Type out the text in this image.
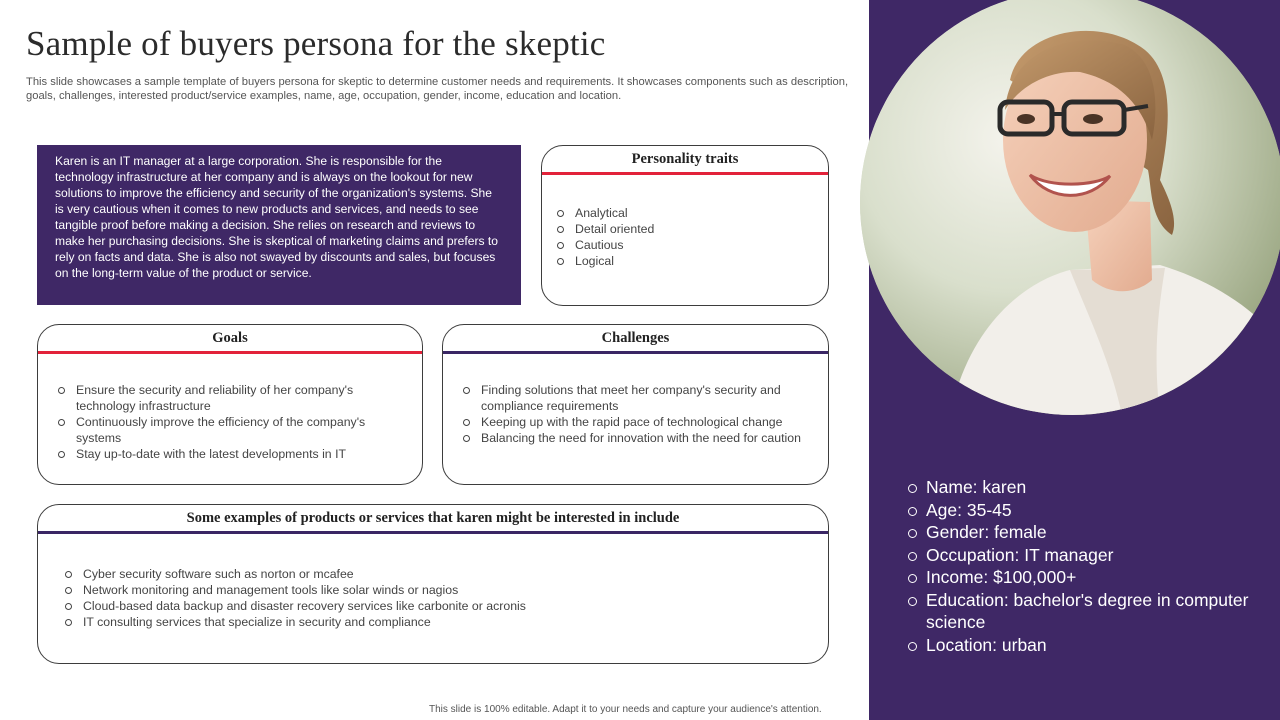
Sample of buyers persona for the skeptic

This slide showcases a sample template of buyers persona for skeptic to determine customer needs and requirements. It showcases components such as description, goals, challenges, interested product/service examples, name, age, occupation, gender, income, education and location.

Karen is an IT manager at a large corporation. She is responsible for the technology infrastructure at her company and is always on the lookout for new solutions to improve the efficiency and security of the organization's systems. She is very cautious when it comes to new products and services, and needs to see tangible proof before making a decision. She relies on research and reviews to make her purchasing decisions. She is skeptical of marketing claims and prefers to rely on facts and data. She is also not swayed by discounts and sales, but focuses on the long-term value of the product or service.
Personality traits
Analytical
Detail oriented
Cautious
Logical
Goals
Ensure the security and reliability of her company's technology infrastructure
Continuously improve the efficiency of the company's systems
Stay up-to-date with the latest developments in IT
Challenges
Finding solutions that meet her company's security and compliance requirements
Keeping up with the rapid pace of technological change
Balancing the need for innovation with the need for caution
Some examples of products or services that karen might be interested in include
Cyber security software such as norton or mcafee
Network monitoring and management tools like solar winds or nagios
Cloud-based data backup and disaster recovery services like carbonite or acronis
IT consulting services that specialize in security and compliance
Name: karen
Age: 35-45
Gender: female
Occupation: IT manager
Income: $100,000+
Education: bachelor's degree in computer science
Location: urban
This slide is 100% editable. Adapt it to your needs and capture your audience's attention.
